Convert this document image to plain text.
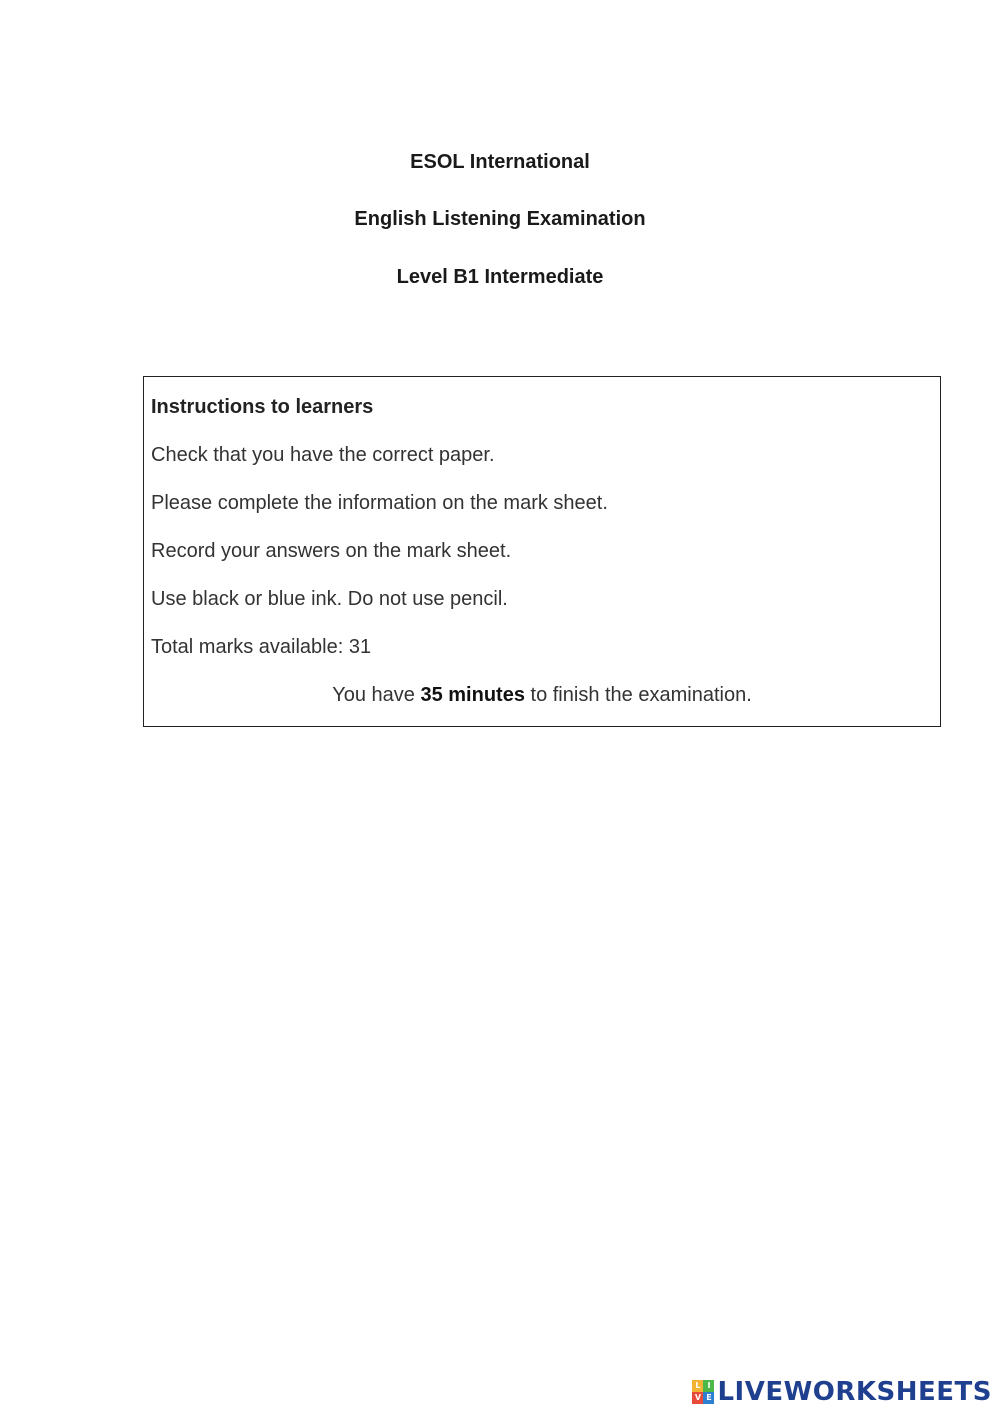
ESOL International
English Listening Examination
Level B1 Intermediate
Instructions to learners
Check that you have the correct paper.
Please complete the information on the mark sheet.
Record your answers on the mark sheet.
Use black or blue ink. Do not use pencil.
Total marks available: 31
You have 35 minutes to finish the examination.
L I
V E LIVEWORKSHEETS
